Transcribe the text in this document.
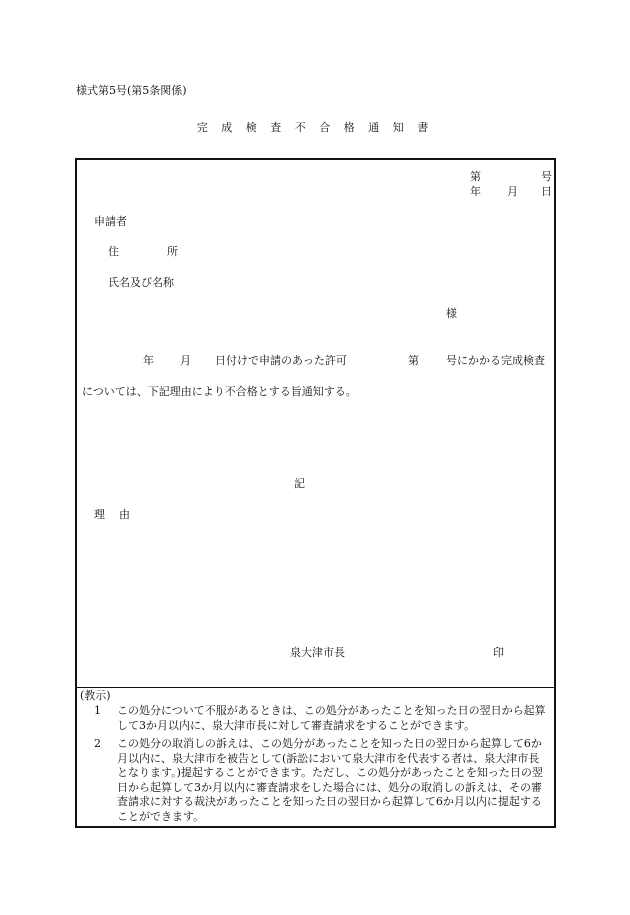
様式第5号(第5条関係)
完 成 検 査 不 合 格 通 知 書
第	号
年 月 日
申請者
住	所
氏名及び名称
様
年 月 日付けで申請のあった許可	第 号にかかる完成検査
については、下記理由により不合格とする旨通知する。
記
理 由
泉大津市長	印
(教示)
1	この処分について不服があるときは、この処分があったことを知った日の翌日から起算して3か月以内に、泉大津市長に対して審査請求をすることができます。
2	この処分の取消しの訴えは、この処分があったことを知った日の翌日から起算して6か月以内に、泉大津市を被告として(訴訟において泉大津市を代表する者は、泉大津市長となります。)提起することができます。ただし、この処分があったことを知った日の翌日から起算して3か月以内に審査請求をした場合には、処分の取消しの訴えは、その審査請求に対する裁決があったことを知った日の翌日から起算して6か月以内に提起することができます。
